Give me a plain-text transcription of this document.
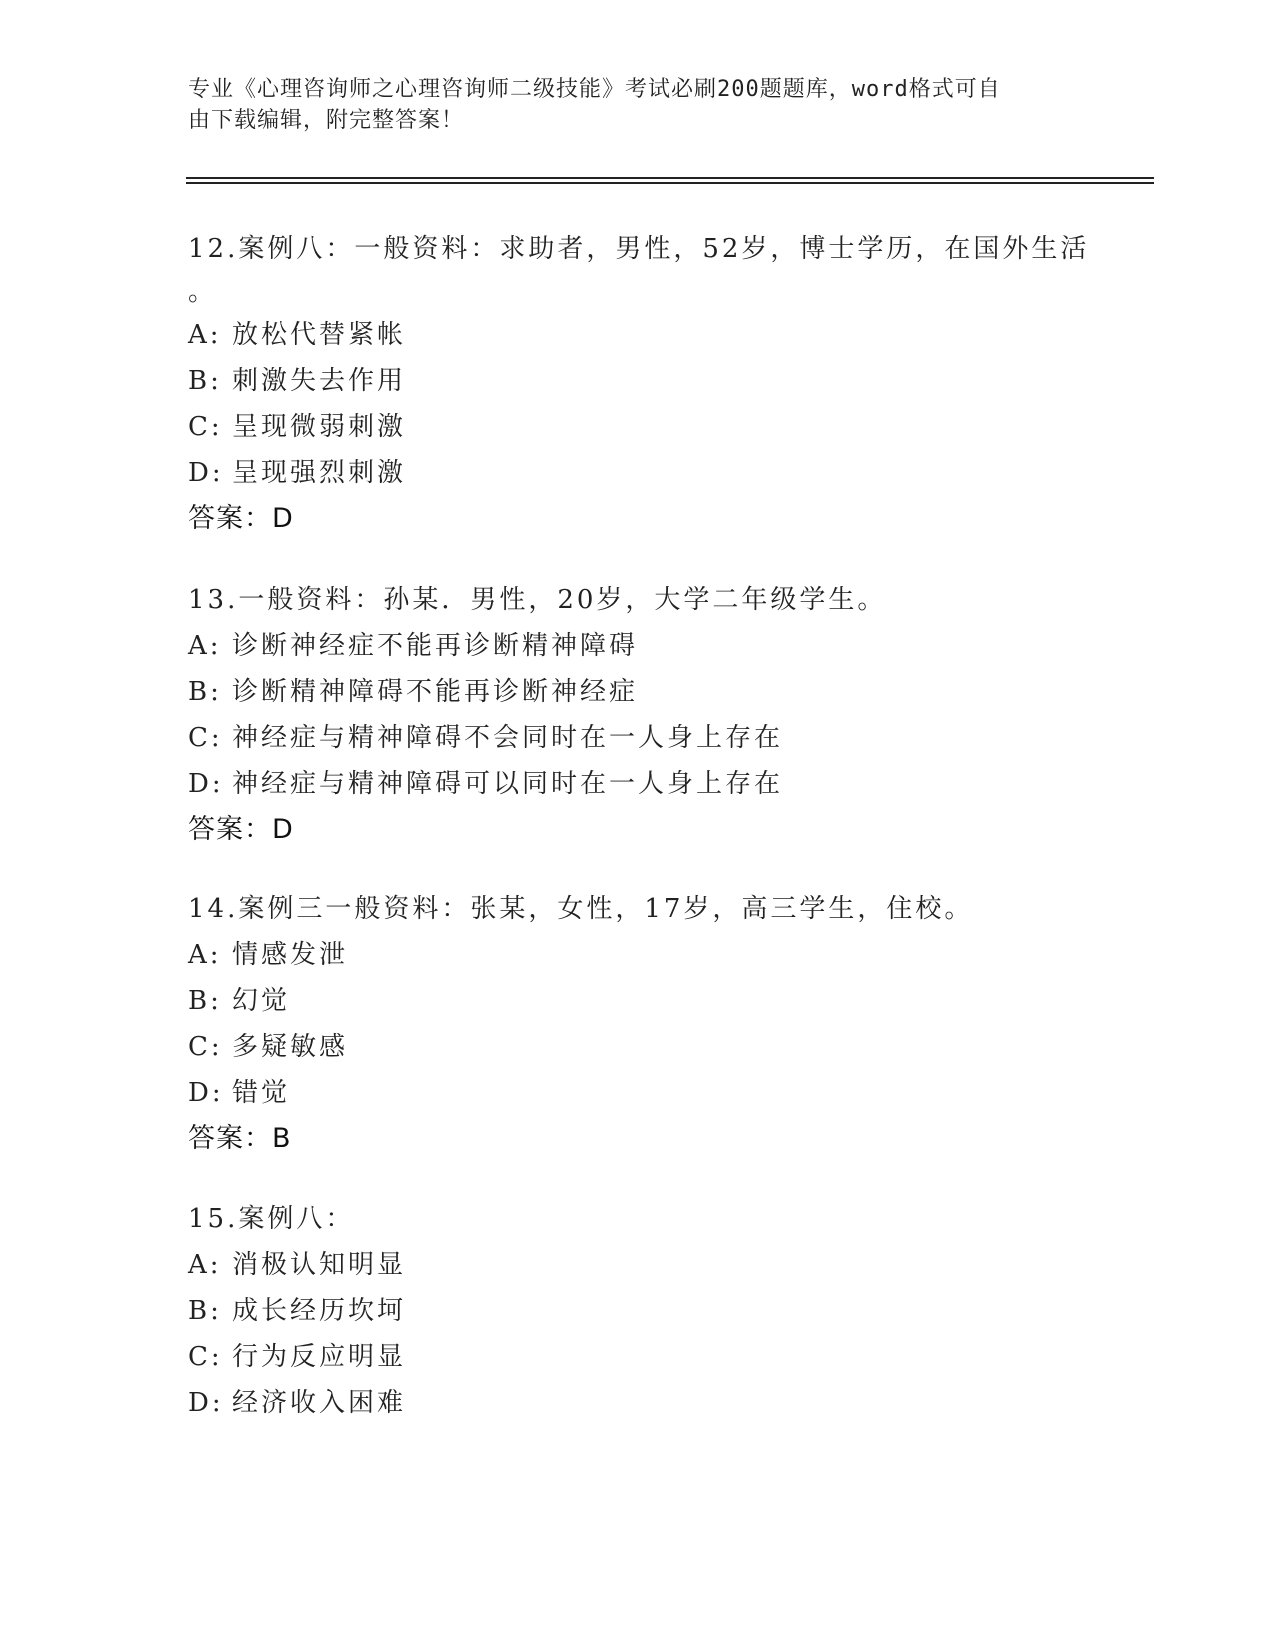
专业《心理咨询师之心理咨询师二级技能》考试必刷200题题库，word格式可自
由下载编辑，附完整答案！
12.案例八：一般资料：求助者，男性，52岁，博士学历，在国外生活
。
A: 放松代替紧帐
B: 刺激失去作用
C: 呈现微弱刺激
D: 呈现强烈刺激
答案：D
13.一般资料：孙某．男性，20岁，大学二年级学生。
A: 诊断神经症不能再诊断精神障碍
B: 诊断精神障碍不能再诊断神经症
C: 神经症与精神障碍不会同时在一人身上存在
D: 神经症与精神障碍可以同时在一人身上存在
答案：D
14.案例三一般资料：张某，女性，17岁，高三学生，住校。
A: 情感发泄
B: 幻觉
C: 多疑敏感
D: 错觉
答案：B
15.案例八：
A: 消极认知明显
B: 成长经历坎坷
C: 行为反应明显
D: 经济收入困难
